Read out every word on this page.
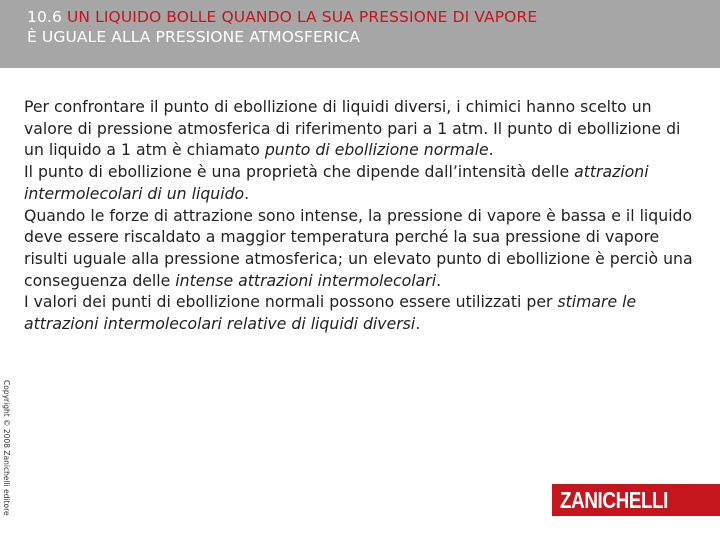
10.6 UN LIQUIDO BOLLE QUANDO LA SUA PRESSIONE DI VAPORE
È UGUALE ALLA PRESSIONE ATMOSFERICA
Per confrontare il punto di ebollizione di liquidi diversi, i chimici hanno scelto un valore di pressione atmosferica di riferimento pari a 1 atm. Il punto di ebollizione di un liquido a 1 atm è chiamato punto di ebollizione normale.
Il punto di ebollizione è una proprietà che dipende dall’intensità delle attrazioni intermolecolari di un liquido.
Quando le forze di attrazione sono intense, la pressione di vapore è bassa e il liquido deve essere riscaldato a maggior temperatura perché la sua pressione di vapore risulti uguale alla pressione atmosferica; un elevato punto di ebollizione è perciò una conseguenza delle intense attrazioni intermolecolari.
I valori dei punti di ebollizione normali possono essere utilizzati per stimare le attrazioni intermolecolari relative di liquidi diversi.
Copyright © 2008 Zanichelli editore	ZANICHELLI
